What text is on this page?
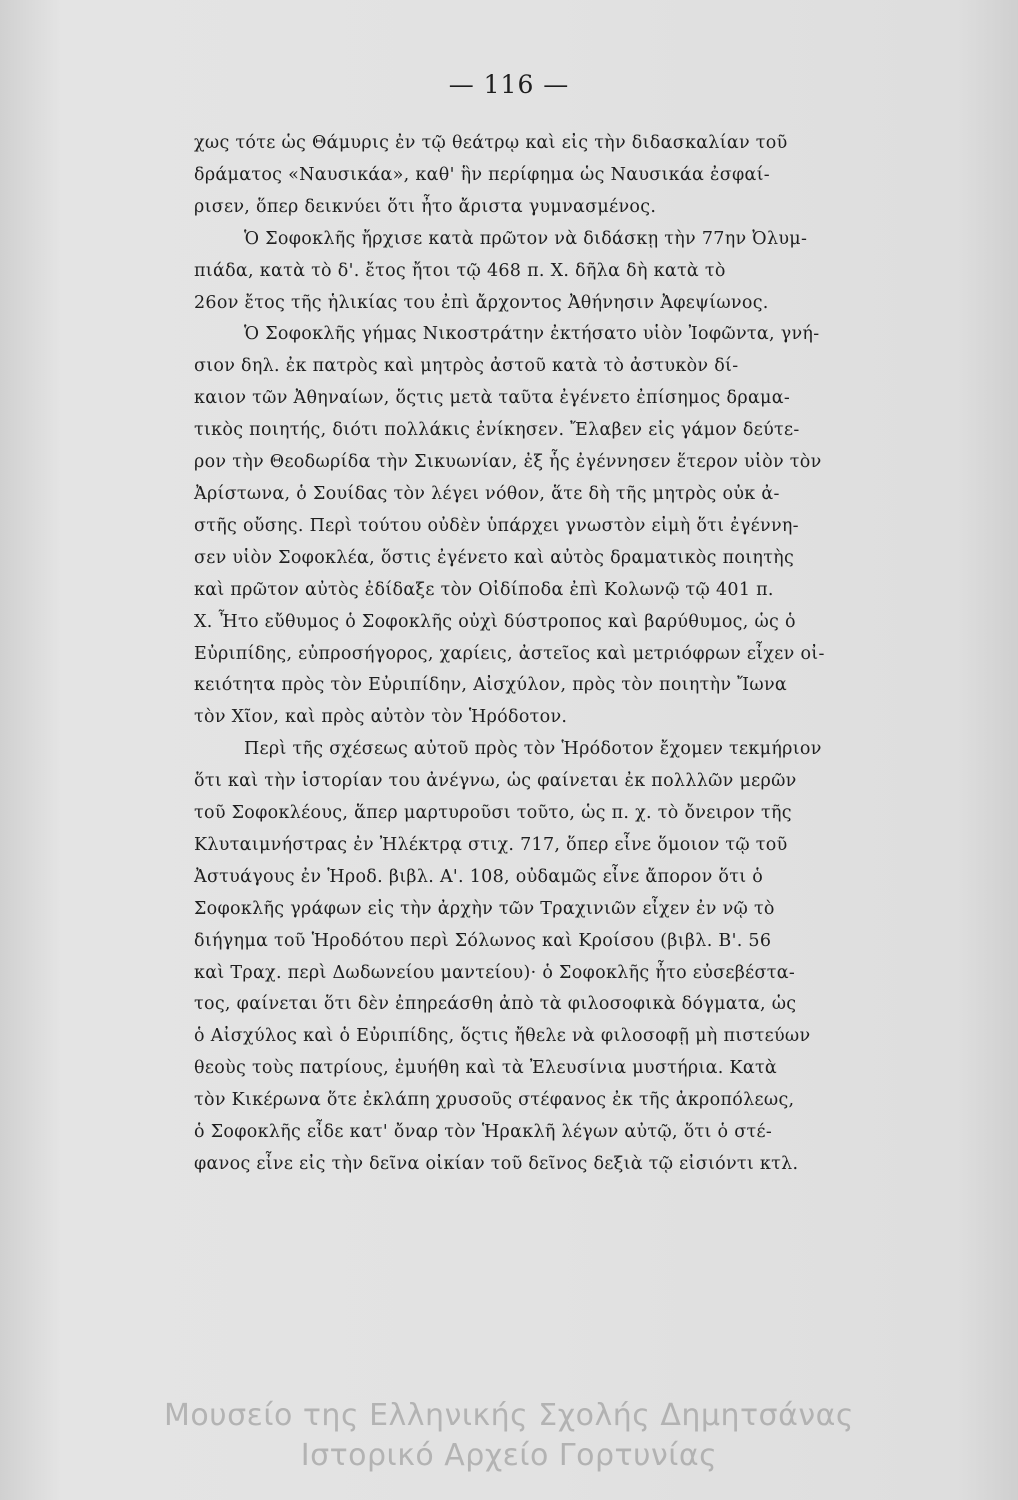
— 116 —
χως τότε ὡς Θάμυρις ἐν τῷ θεάτρῳ καὶ εἰς τὴν διδασκαλίαν τοῦ
δράματος «Ναυσικάα», καθ' ἣν περίφημα ὡς Ναυσικάα ἐσφαί-
ρισεν, ὅπερ δεικνύει ὅτι ἦτο ἄριστα γυμνασμένος.
Ὁ Σοφοκλῆς ἤρχισε κατὰ πρῶτον νὰ διδάσκῃ τὴν 77ην Ὀλυμ-
πιάδα, κατὰ τὸ δ'. ἔτος ἤτοι τῷ 468 π. Χ. δῆλα δὴ κατὰ τὸ
26ον ἔτος τῆς ἡλικίας του ἐπὶ ἄρχοντος Ἀθήνησιν Ἀφεψίωνος.
Ὁ Σοφοκλῆς γήμας Νικοστράτην ἐκτήσατο υἱὸν Ἰοφῶντα, γνή-
σιον δηλ. ἐκ πατρὸς καὶ μητρὸς ἀστοῦ κατὰ τὸ ἀστυκὸν δί-
καιον τῶν Ἀθηναίων, ὅςτις μετὰ ταῦτα ἐγένετο ἐπίσημος δραμα-
τικὸς ποιητής, διότι πολλάκις ἐνίκησεν. Ἔλαβεν εἰς γάμον δεύτε-
ρον τὴν Θεοδωρίδα τὴν Σικυωνίαν, ἐξ ἧς ἐγέννησεν ἕτερον υἱὸν τὸν
Ἀρίστωνα, ὁ Σουίδας τὸν λέγει νόθον, ἅτε δὴ τῆς μητρὸς οὐκ ἀ-
στῆς οὔσης. Περὶ τούτου οὐδὲν ὑπάρχει γνωστὸν εἰμὴ ὅτι ἐγέννη-
σεν υἱὸν Σοφοκλέα, ὅστις ἐγένετο καὶ αὐτὸς δραματικὸς ποιητὴς
καὶ πρῶτον αὐτὸς ἐδίδαξε τὸν Οἰδίποδα ἐπὶ Κολωνῷ τῷ 401 π.
Χ. Ἦτο εὔθυμος ὁ Σοφοκλῆς οὐχὶ δύστροπος καὶ βαρύθυμος, ὡς ὁ
Εὐριπίδης, εὐπροσήγορος, χαρίεις, ἀστεῖος καὶ μετριόφρων εἶχεν οἰ-
κειότητα πρὸς τὸν Εὐριπίδην, Αἰσχύλον, πρὸς τὸν ποιητὴν Ἴωνα
τὸν Χῖον, καὶ πρὸς αὐτὸν τὸν Ἡρόδοτον.
Περὶ τῆς σχέσεως αὐτοῦ πρὸς τὸν Ἡρόδοτον ἔχομεν τεκμήριον
ὅτι καὶ τὴν ἱστορίαν του ἀνέγνω, ὡς φαίνεται ἐκ πολλλῶν μερῶν
τοῦ Σοφοκλέους, ἅπερ μαρτυροῦσι τοῦτο, ὡς π. χ. τὸ ὄνειρον τῆς
Κλυταιμνήστρας ἐν Ἠλέκτρᾳ στιχ. 717, ὅπερ εἶνε ὅμοιον τῷ τοῦ
Ἀστυάγους ἐν Ἡροδ. βιβλ. Α'. 108, οὐδαμῶς εἶνε ἄπορον ὅτι ὁ
Σοφοκλῆς γράφων εἰς τὴν ἀρχὴν τῶν Τραχινιῶν εἶχεν ἐν νῷ τὸ
διήγημα τοῦ Ἡροδότου περὶ Σόλωνος καὶ Κροίσου (βιβλ. Β'. 56
καὶ Τραχ. περὶ Δωδωνείου μαντείου)· ὁ Σοφοκλῆς ἦτο εὐσεβέστα-
τος, φαίνεται ὅτι δὲν ἐπηρεάσθη ἀπὸ τὰ φιλοσοφικὰ δόγματα, ὡς
ὁ Αἰσχύλος καὶ ὁ Εὐριπίδης, ὅςτις ἤθελε νὰ φιλοσοφῇ μὴ πιστεύων
θεοὺς τοὺς πατρίους, ἐμυήθη καὶ τὰ Ἐλευσίνια μυστήρια. Κατὰ
τὸν Κικέρωνα ὅτε ἐκλάπη χρυσοῦς στέφανος ἐκ τῆς ἀκροπόλεως,
ὁ Σοφοκλῆς εἶδε κατ' ὄναρ τὸν Ἡρακλῆ λέγων αὐτῷ, ὅτι ὁ στέ-
φανος εἶνε εἰς τὴν δεῖνα οἰκίαν τοῦ δεῖνος δεξιὰ τῷ εἰσιόντι κτλ.
Μουσείο της Ελληνικής Σχολής Δημητσάνας
Ιστορικό Αρχείο Γορτυνίας
